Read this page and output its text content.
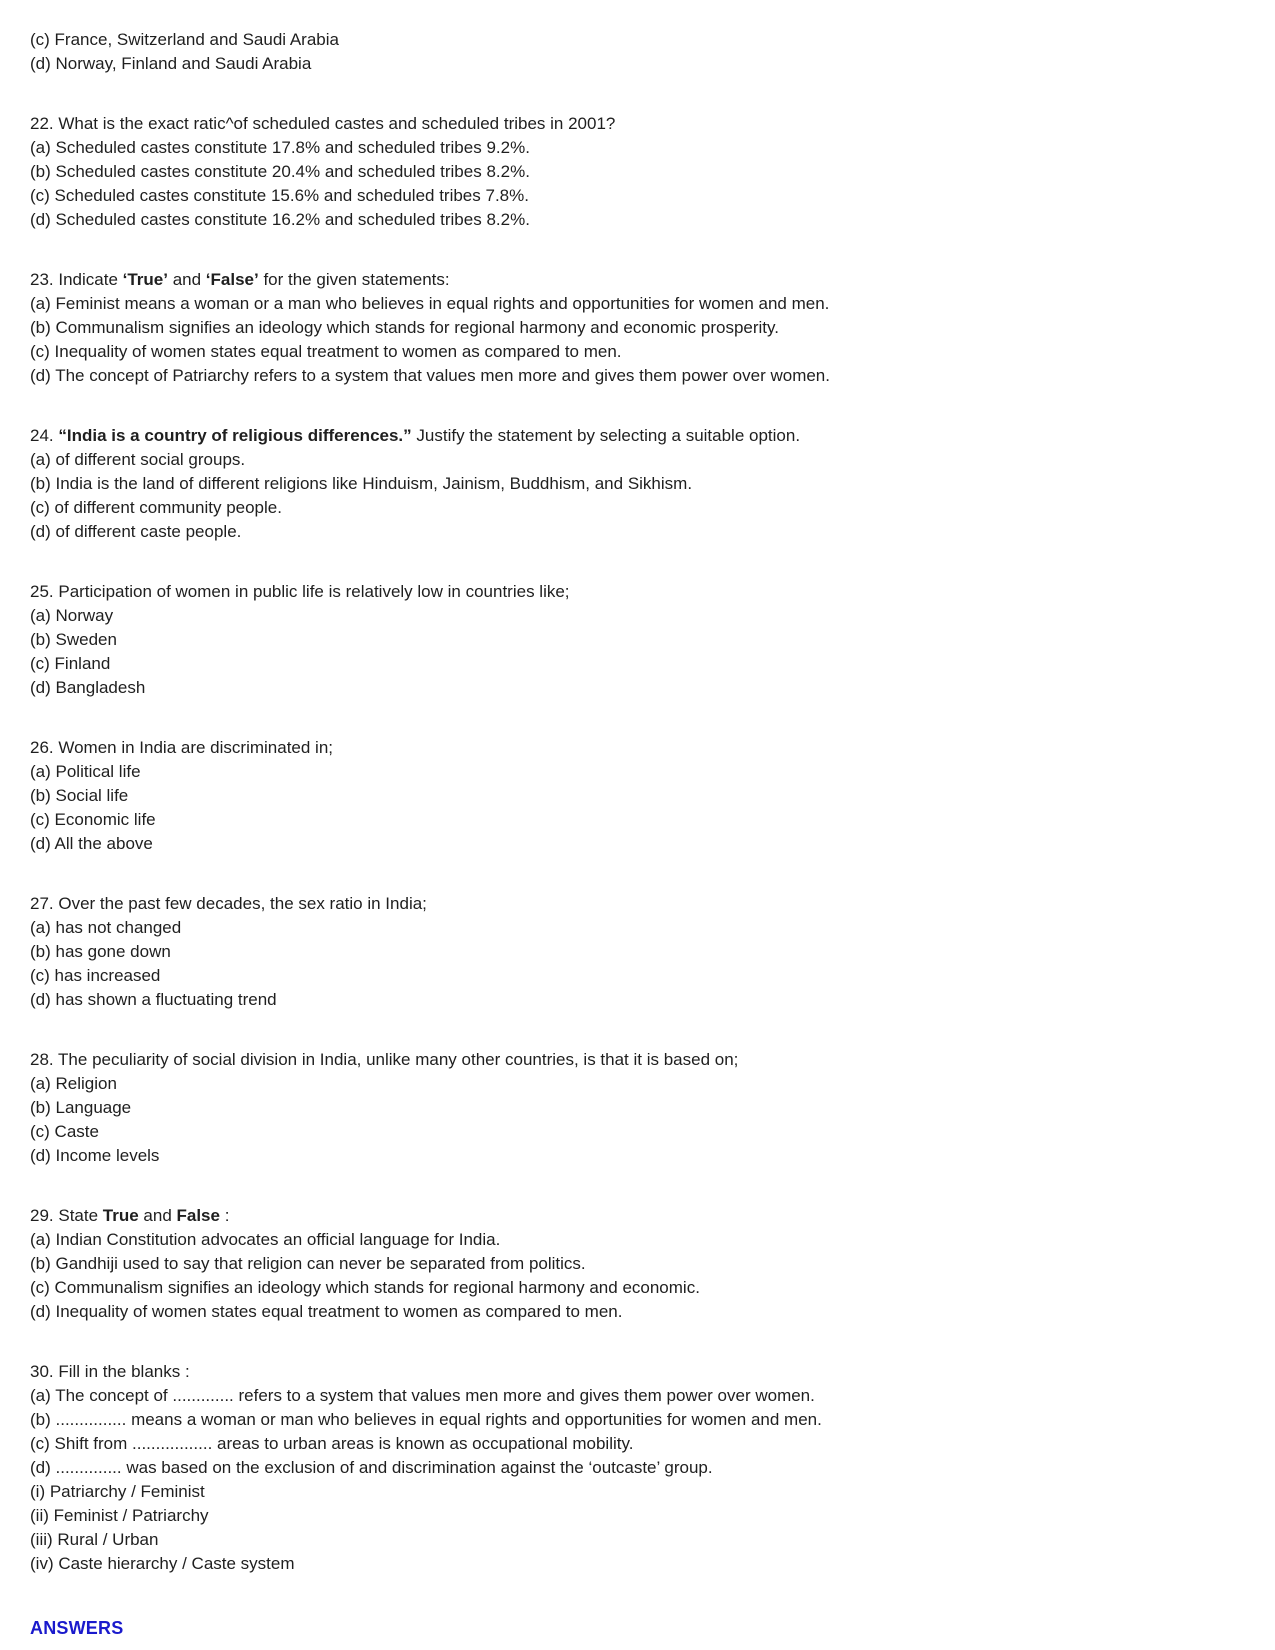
(c) France, Switzerland and Saudi Arabia
(d) Norway, Finland and Saudi Arabia
22. What is the exact ratic^of scheduled castes and scheduled tribes in 2001?
(a) Scheduled castes constitute 17.8% and scheduled tribes 9.2%.
(b) Scheduled castes constitute 20.4% and scheduled tribes 8.2%.
(c) Scheduled castes constitute 15.6% and scheduled tribes 7.8%.
(d) Scheduled castes constitute 16.2% and scheduled tribes 8.2%.
23. Indicate ‘True’ and ‘False’ for the given statements:
(a) Feminist means a woman or a man who believes in equal rights and opportunities for women and men.
(b) Communalism signifies an ideology which stands for regional harmony and economic prosperity.
(c) Inequality of women states equal treatment to women as compared to men.
(d) The concept of Patriarchy refers to a system that values men more and gives them power over women.
24. “India is a country of religious differences.” Justify the statement by selecting a suitable option.
(a) of different social groups.
(b) India is the land of different religions like Hinduism, Jainism, Buddhism, and Sikhism.
(c) of different community people.
(d) of different caste people.
25. Participation of women in public life is relatively low in countries like;
(a) Norway
(b) Sweden
(c) Finland
(d) Bangladesh
26. Women in India are discriminated in;
(a) Political life
(b) Social life
(c) Economic life
(d) All the above
27. Over the past few decades, the sex ratio in India;
(a) has not changed
(b) has gone down
(c) has increased
(d) has shown a fluctuating trend
28. The peculiarity of social division in India, unlike many other countries, is that it is based on;
(a) Religion
(b) Language
(c) Caste
(d) Income levels
29. State True and False :
(a) Indian Constitution advocates an official language for India.
(b) Gandhiji used to say that religion can never be separated from politics.
(c) Communalism signifies an ideology which stands for regional harmony and economic.
(d) Inequality of women states equal treatment to women as compared to men.
30. Fill in the blanks :
(a) The concept of ............. refers to a system that values men more and gives them power over women.
(b) ............... means a woman or man who believes in equal rights and opportunities for women and men.
(c) Shift from ................. areas to urban areas is known as occupational mobility.
(d) .............. was based on the exclusion of and discrimination against the ‘outcaste’ group.
(i) Patriarchy / Feminist
(ii) Feminist / Patriarchy
(iii) Rural / Urban
(iv) Caste hierarchy / Caste system
ANSWERS
